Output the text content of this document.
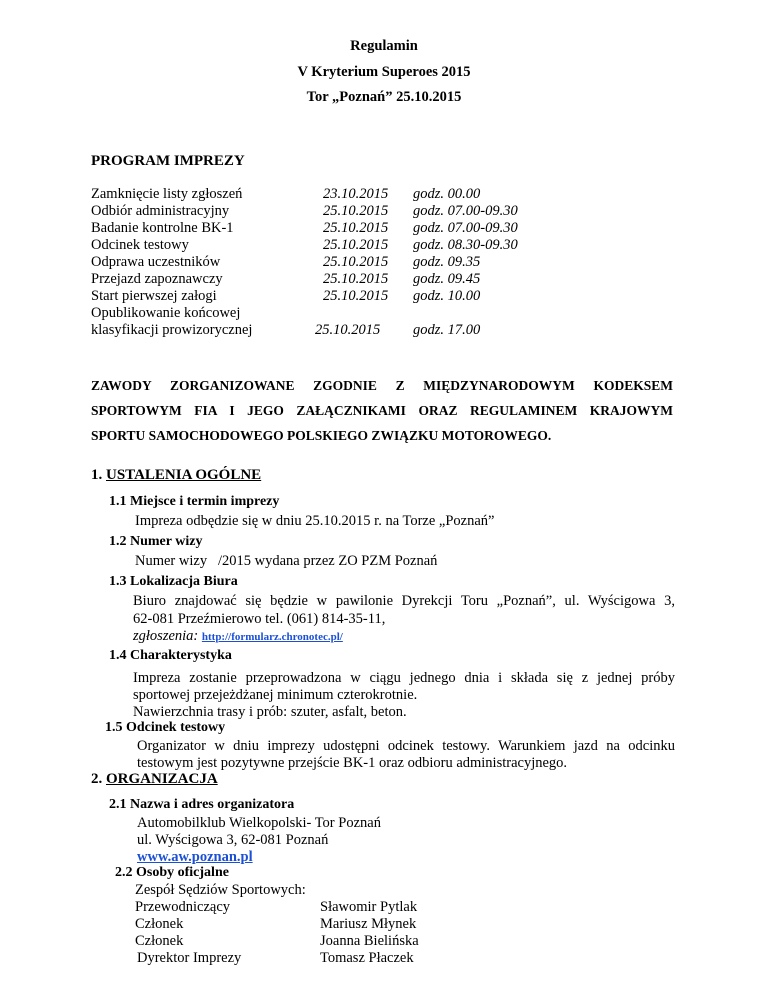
Regulamin
V Kryterium Superoes 2015
Tor „Poznań” 25.10.2015
PROGRAM IMPREZY
Zamknięcie listy zgłoszeń	23.10.2015 godz. 00.00
Odbiór administracyjny	25.10.2015 godz. 07.00-09.30
Badanie kontrolne BK-1	25.10.2015 godz. 07.00-09.30
Odcinek testowy	25.10.2015 godz. 08.30-09.30
Odprawa uczestników	25.10.2015 godz. 09.35
Przejazd zapoznawczy	25.10.2015 godz. 09.45
Start pierwszej załogi	25.10.2015 godz. 10.00
Opublikowanie końcowej
klasyfikacji prowizorycznej	25.10.2015 godz. 17.00
ZAWODY ZORGANIZOWANE ZGODNIE Z MIĘDZYNARODOWYM KODEKSEM
SPORTOWYM FIA I JEGO ZAŁĄCZNIKAMI ORAZ REGULAMINEM KRAJOWYM
SPORTU SAMOCHODOWEGO POLSKIEGO ZWIĄZKU MOTOROWEGO.
1. USTALENIA OGÓLNE
1.1 Miejsce i termin imprezy
Impreza odbędzie się w dniu 25.10.2015 r. na Torze „Poznań”
1.2 Numer wizy
Numer wizy   /2015 wydana przez ZO PZM Poznań
1.3 Lokalizacja Biura
Biuro znajdować się będzie w pawilonie Dyrekcji Toru „Poznań”, ul. Wyścigowa 3,
62-081 Przeźmierowo tel. (061) 814-35-11,
zgłoszenia: http://formularz.chronotec.pl/
1.4 Charakterystyka
Impreza zostanie przeprowadzona w ciągu jednego dnia i składa się z jednej próby
sportowej przejeżdżanej minimum czterokrotnie.
Nawierzchnia trasy i prób: szuter, asfalt, beton.
1.5 Odcinek testowy
Organizator w dniu imprezy udostępni odcinek testowy. Warunkiem jazd na odcinku
testowym jest pozytywne przejście BK-1 oraz odbioru administracyjnego.
2. ORGANIZACJA
2.1 Nazwa i adres organizatora
Automobilklub Wielkopolski- Tor Poznań
ul. Wyścigowa 3, 62-081 Poznań
www.aw.poznan.pl
2.2 Osoby oficjalne
Zespół Sędziów Sportowych:
Przewodniczący	Sławomir Pytlak
Członek	Mariusz Młynek
Członek	Joanna Bielińska
Dyrektor Imprezy	Tomasz Płaczek
